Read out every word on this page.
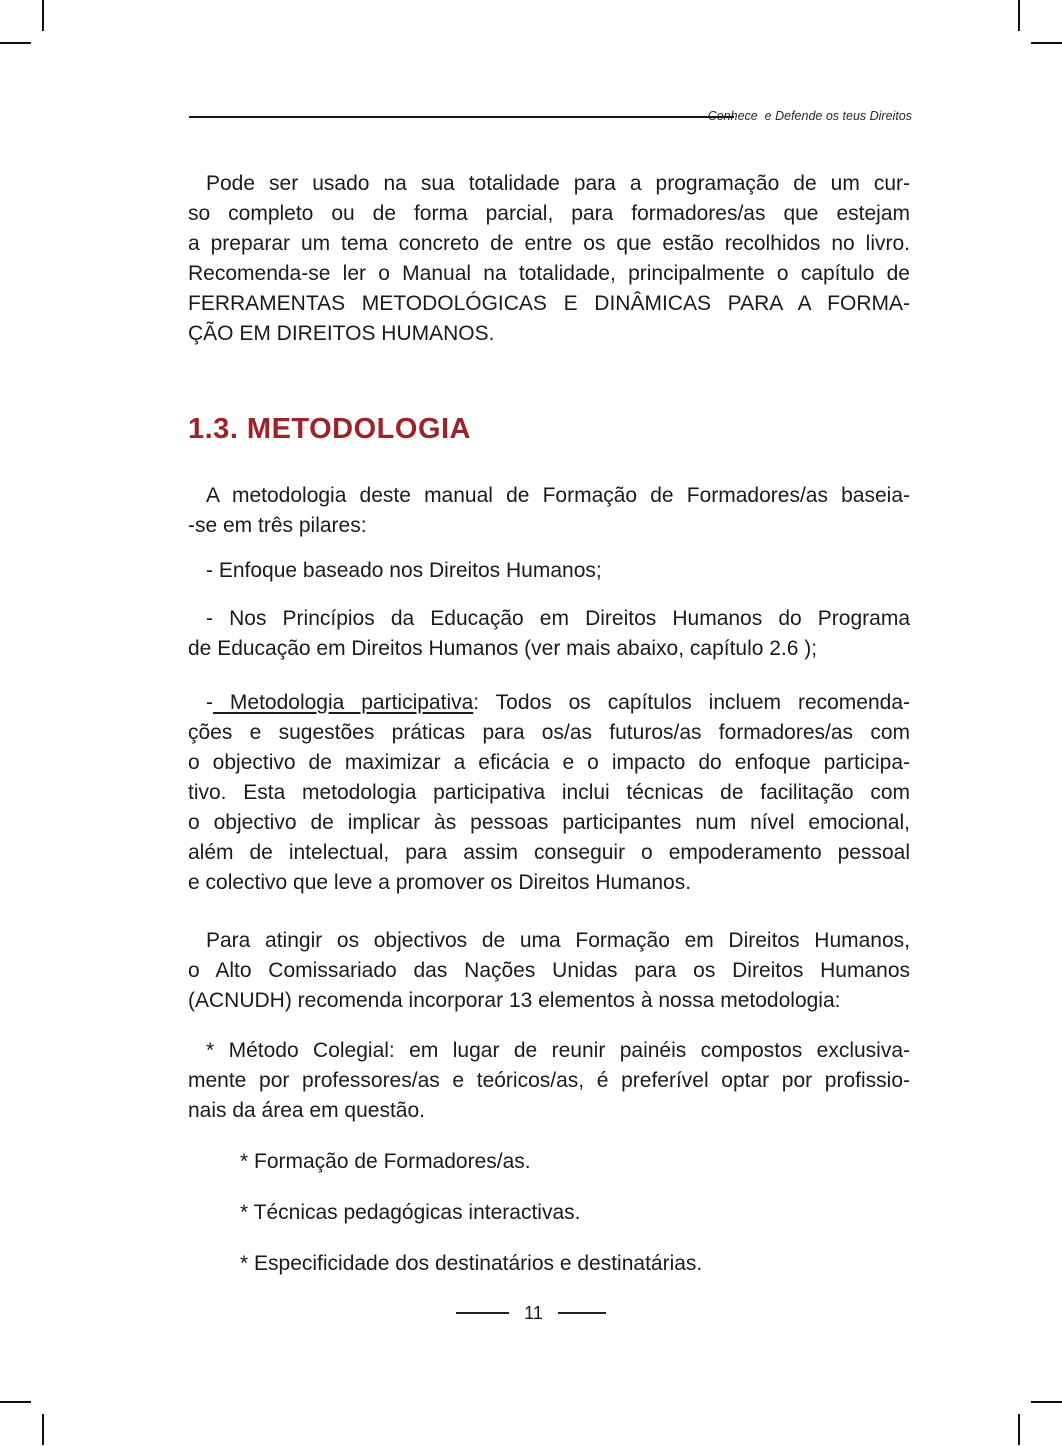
Conhece  e Defende os teus Direitos
Pode ser usado na sua totalidade para a programação de um cur-
so completo ou de forma parcial, para formadores/as que estejam
a preparar um tema concreto de entre os que estão recolhidos no livro.
Recomenda-se ler o Manual na totalidade, principalmente o capítulo de
FERRAMENTAS METODOLÓGICAS E DINÂMICAS PARA A FORMA-
ÇÃO EM DIREITOS HUMANOS.
1.3. METODOLOGIA
A metodologia deste manual de Formação de Formadores/as baseia-
-se em três pilares:
- Enfoque baseado nos Direitos Humanos;
- Nos Princípios da Educação em Direitos Humanos do Programa
de Educação em Direitos Humanos (ver mais abaixo, capítulo 2.6 );
- Metodologia participativa: Todos os capítulos incluem recomenda-
ções e sugestões práticas para os/as futuros/as formadores/as com
o objectivo de maximizar a eficácia e o impacto do enfoque participa-
tivo. Esta metodologia participativa inclui técnicas de facilitação com
o objectivo de implicar às pessoas participantes num nível emocional,
além de intelectual, para assim conseguir o empoderamento pessoal
e colectivo que leve a promover os Direitos Humanos.
Para atingir os objectivos de uma Formação em Direitos Humanos,
o Alto Comissariado das Nações Unidas para os Direitos Humanos
(ACNUDH) recomenda incorporar 13 elementos à nossa metodologia:
* Método Colegial: em lugar de reunir painéis compostos exclusiva-
mente por professores/as e teóricos/as, é preferível optar por profissio-
nais da área em questão.
* Formação de Formadores/as.
* Técnicas pedagógicas interactivas.
* Especificidade dos destinatários e destinatárias.
11
